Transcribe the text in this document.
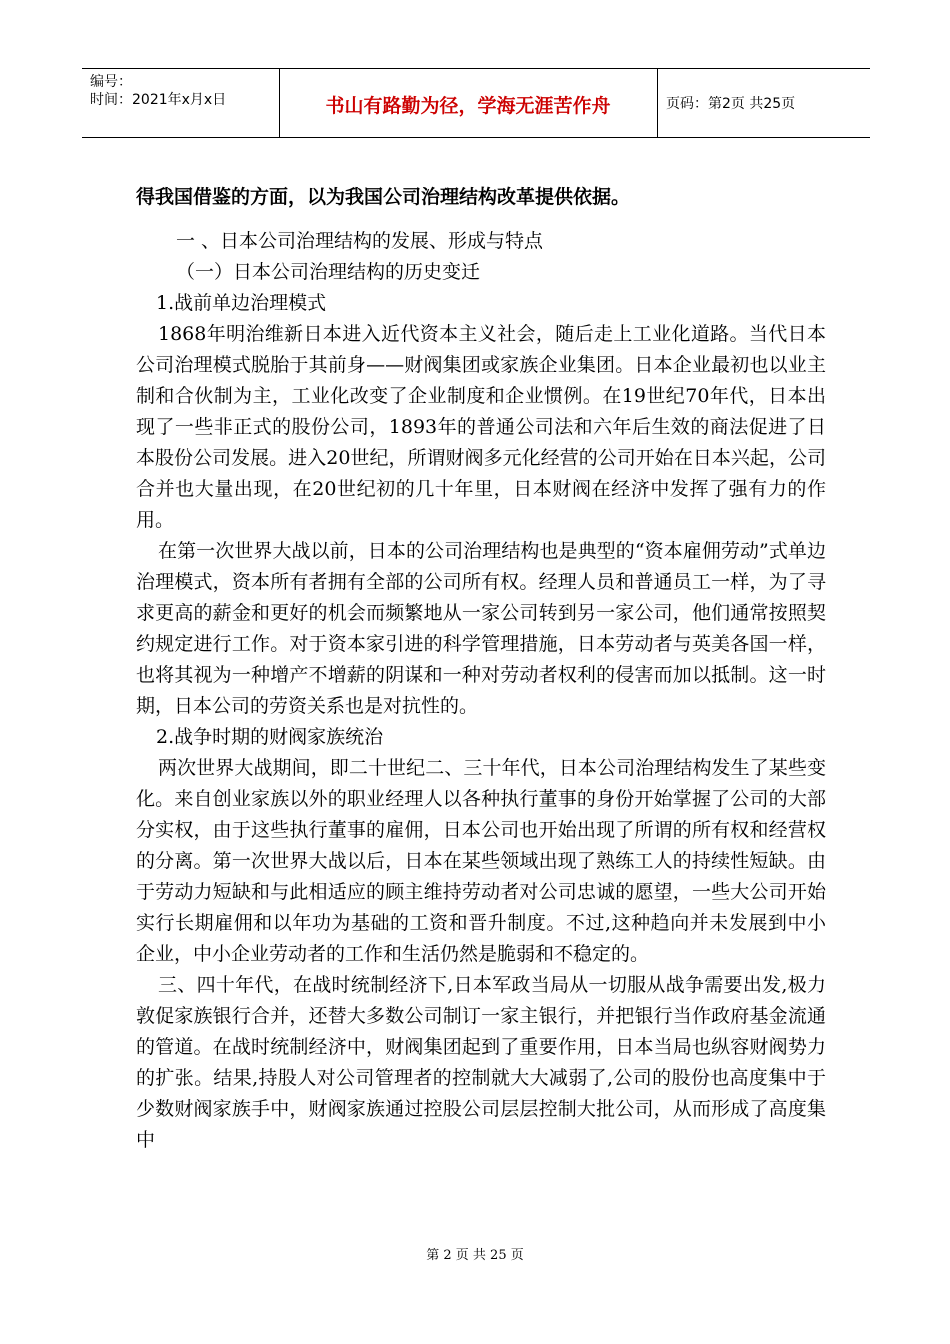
编号：
时间：2021年x月x日	书山有路勤为径，学海无涯苦作舟	页码：第2页 共25页
得我国借鉴的方面，以为我国公司治理结构改革提供依据。
一 、日本公司治理结构的发展、形成与特点
（一）日本公司治理结构的历史变迁
1.战前单边治理模式

1868年明治维新日本进入近代资本主义社会，随后走上工业化道路。当代日本公司治理模式脱胎于其前身——财阀集团或家族企业集团。日本企业最初也以业主制和合伙制为主，工业化改变了企业制度和企业惯例。在19世纪70年代，日本出现了一些非正式的股份公司，1893年的普通公司法和六年后生效的商法促进了日本股份公司发展。进入20世纪，所谓财阀多元化经营的公司开始在日本兴起，公司合并也大量出现，在20世纪初的几十年里，日本财阀在经济中发挥了强有力的作用。

在第一次世界大战以前，日本的公司治理结构也是典型的“资本雇佣劳动”式单边治理模式，资本所有者拥有全部的公司所有权。经理人员和普通员工一样，为了寻求更高的薪金和更好的机会而频繁地从一家公司转到另一家公司，他们通常按照契约规定进行工作。对于资本家引进的科学管理措施，日本劳动者与英美各国一样，也将其视为一种增产不增薪的阴谋和一种对劳动者权利的侵害而加以抵制。这一时期，日本公司的劳资关系也是对抗性的。

2.战争时期的财阀家族统治

两次世界大战期间，即二十世纪二、三十年代，日本公司治理结构发生了某些变化。来自创业家族以外的职业经理人以各种执行董事的身份开始掌握了公司的大部分实权，由于这些执行董事的雇佣，日本公司也开始出现了所谓的所有权和经营权的分离。第一次世界大战以后，日本在某些领域出现了熟练工人的持续性短缺。由于劳动力短缺和与此相适应的顾主维持劳动者对公司忠诚的愿望，一些大公司开始实行长期雇佣和以年功为基础的工资和晋升制度。不过,这种趋向并未发展到中小企业，中小企业劳动者的工作和生活仍然是脆弱和不稳定的。

三、四十年代，在战时统制经济下,日本军政当局从一切服从战争需要出发,极力敦促家族银行合并，还替大多数公司制订一家主银行，并把银行当作政府基金流通的管道。在战时统制经济中，财阀集团起到了重要作用，日本当局也纵容财阀势力的扩张。结果,持股人对公司管理者的控制就大大减弱了,公司的股份也高度集中于少数财阀家族手中，财阀家族通过控股公司层层控制大批公司，从而形成了高度集中

第 2 页 共 25 页
